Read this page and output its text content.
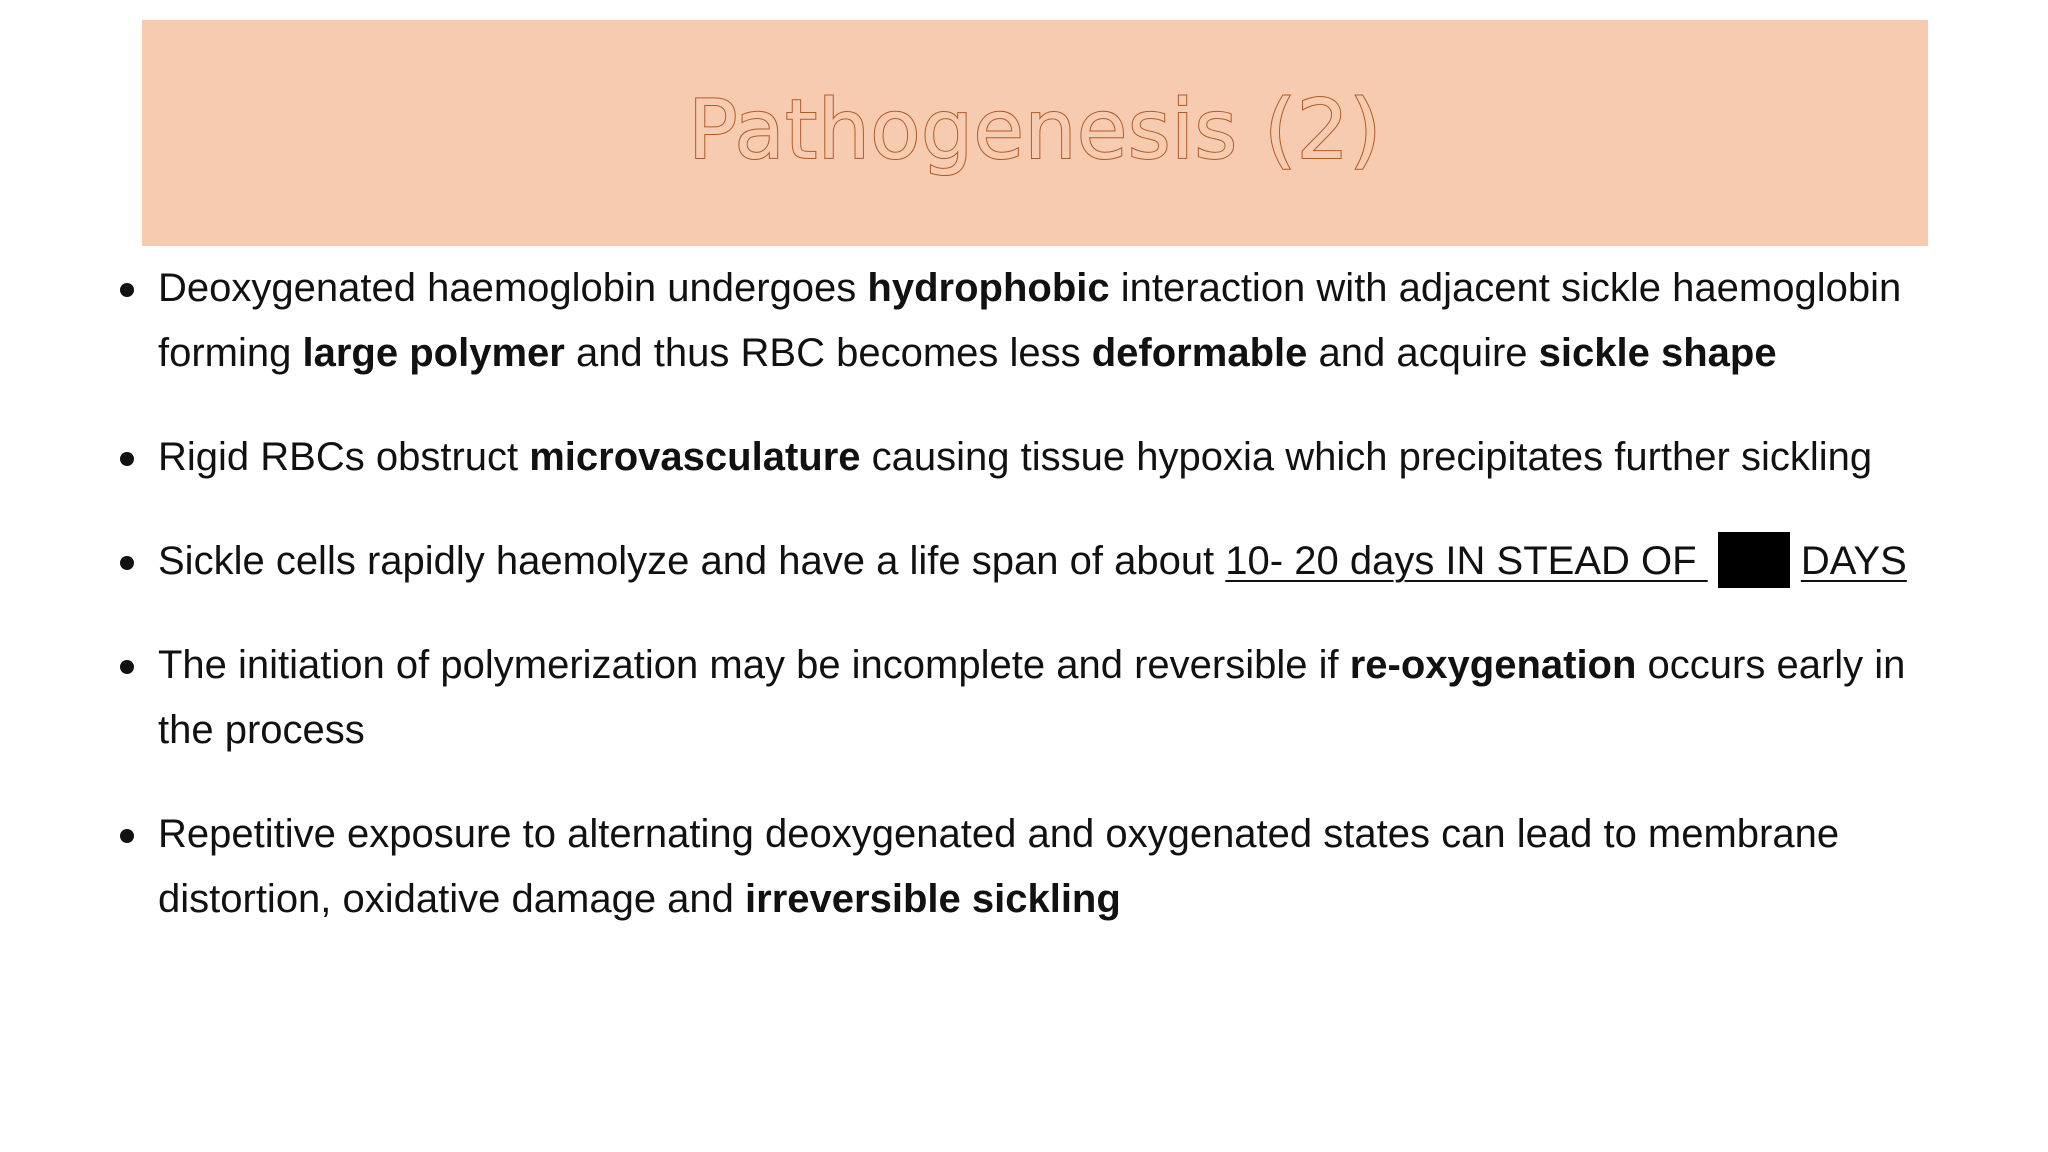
Pathogenesis (2)
Deoxygenated haemoglobin undergoes hydrophobic interaction with adjacent sickle haemoglobin forming large polymer and thus RBC becomes less deformable and acquire sickle shape
Rigid RBCs obstruct microvasculature causing tissue hypoxia which precipitates further sickling
Sickle cells rapidly haemolyze and have a life span of about 10- 20 days IN STEAD OF  DAYS
The initiation of polymerization may be incomplete and reversible if re-oxygenation occurs early in the process
Repetitive exposure to alternating deoxygenated and oxygenated states can lead to membrane distortion, oxidative damage and irreversible sickling
